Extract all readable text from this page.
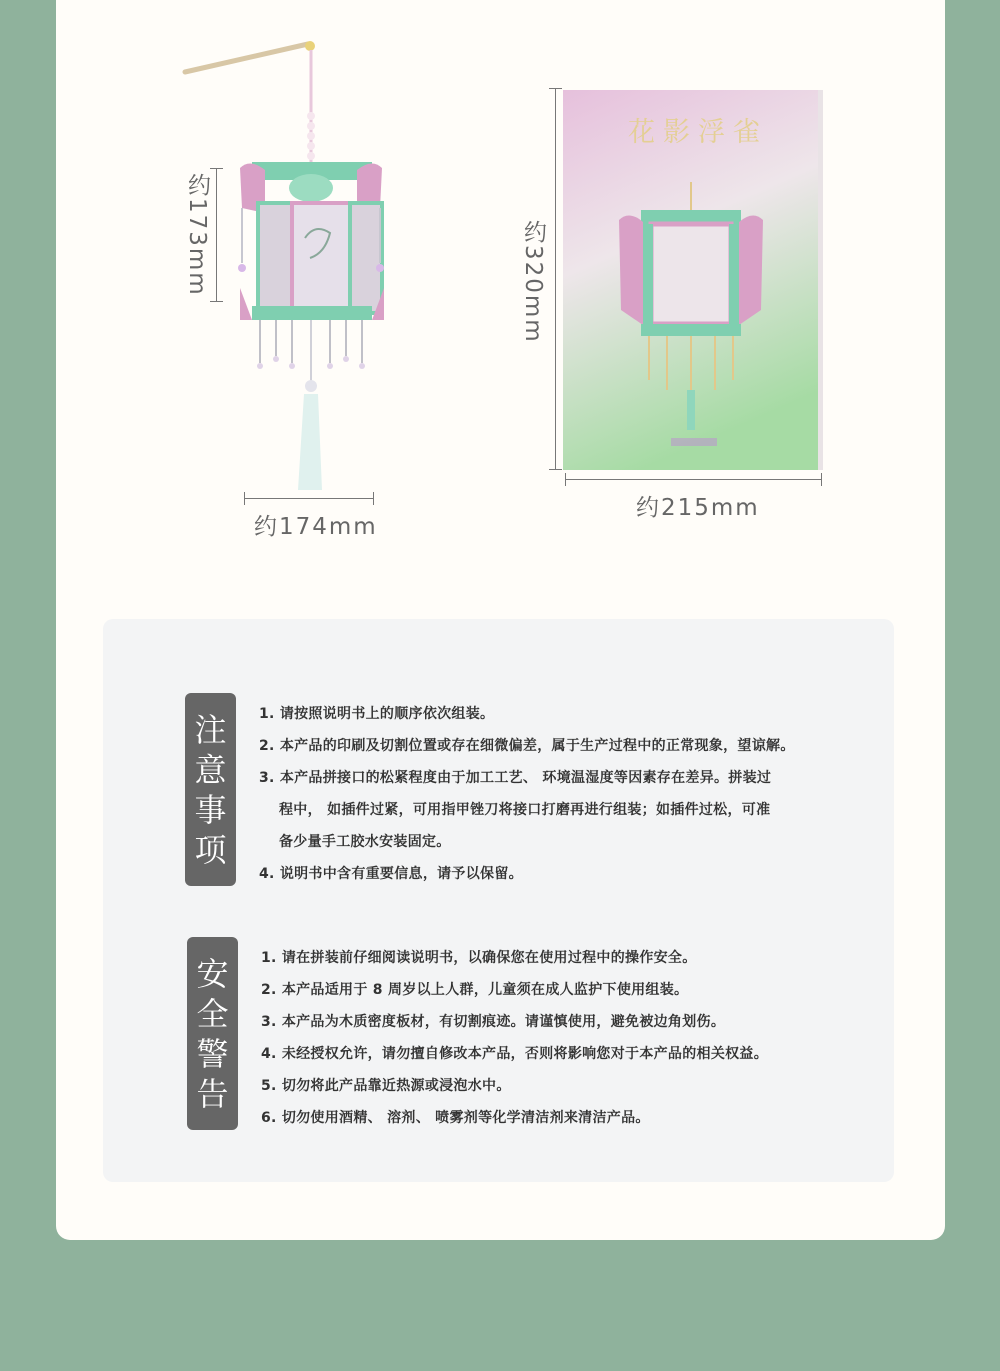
约173mm
约174mm
花影浮雀
约320mm
约215mm
注
意
事
项
1. 请按照说明书上的顺序依次组装。
2. 本产品的印刷及切割位置或存在细微偏差，属于生产过程中的正常现象，望谅解。
3. 本产品拼接口的松紧程度由于加工工艺、 环境温湿度等因素存在差异。拼装过
程中， 如插件过紧，可用指甲锉刀将接口打磨再进行组装；如插件过松，可准
备少量手工胶水安装固定。
4. 说明书中含有重要信息，请予以保留。
安
全
警
告
1. 请在拼装前仔细阅读说明书，以确保您在使用过程中的操作安全。
2. 本产品适用于 8 周岁以上人群，儿童须在成人监护下使用组装。
3. 本产品为木质密度板材，有切割痕迹。请谨慎使用，避免被边角划伤。
4. 未经授权允许，请勿擅自修改本产品，否则将影响您对于本产品的相关权益。
5. 切勿将此产品靠近热源或浸泡水中。
6. 切勿使用酒精、 溶剂、 喷雾剂等化学清洁剂来清洁产品。
